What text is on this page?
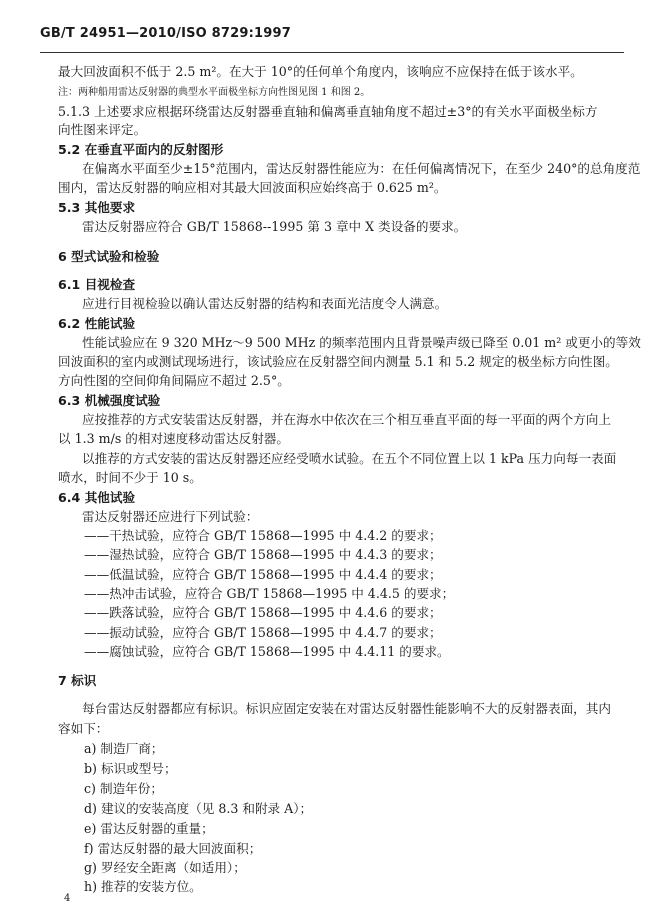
GB/T 24951—2010/ISO 8729:1997
最大回波面积不低于 2.5 m²。在大于 10°的任何单个角度内，该响应不应保持在低于该水平。
注：两种船用雷达反射器的典型水平面极坐标方向性图见图 1 和图 2。
5.1.3 上述要求应根据环绕雷达反射器垂直轴和偏离垂直轴角度不超过±3°的有关水平面极坐标方
向性图来评定。
5.2 在垂直平面内的反射图形
在偏离水平面至少±15°范围内，雷达反射器性能应为：在任何偏离情况下，在至少 240°的总角度范
围内，雷达反射器的响应相对其最大回波面积应始终高于 0.625 m²。
5.3 其他要求
雷达反射器应符合 GB/T 15868--1995 第 3 章中 X 类设备的要求。
6 型式试验和检验
6.1 目视检查
应进行目视检验以确认雷达反射器的结构和表面光洁度令人满意。
6.2 性能试验
性能试验应在 9 320 MHz～9 500 MHz 的频率范围内且背景噪声级已降至 0.01 m² 或更小的等效
回波面积的室内或测试现场进行，该试验应在反射器空间内测量 5.1 和 5.2 规定的极坐标方向性图。
方向性图的空间仰角间隔应不超过 2.5°。
6.3 机械强度试验
应按推荐的方式安装雷达反射器，并在海水中依次在三个相互垂直平面的每一平面的两个方向上
以 1.3 m/s 的相对速度移动雷达反射器。
以推荐的方式安装的雷达反射器还应经受喷水试验。在五个不同位置上以 1 kPa 压力向每一表面
喷水，时间不少于 10 s。
6.4 其他试验
雷达反射器还应进行下列试验：
——干热试验，应符合 GB/T 15868—1995 中 4.4.2 的要求；
——湿热试验，应符合 GB/T 15868—1995 中 4.4.3 的要求；
——低温试验，应符合 GB/T 15868—1995 中 4.4.4 的要求；
——热冲击试验，应符合 GB/T 15868—1995 中 4.4.5 的要求；
——跌落试验，应符合 GB/T 15868—1995 中 4.4.6 的要求；
——振动试验，应符合 GB/T 15868—1995 中 4.4.7 的要求；
——腐蚀试验，应符合 GB/T 15868—1995 中 4.4.11 的要求。
7 标识
每台雷达反射器都应有标识。标识应固定安装在对雷达反射器性能影响不大的反射器表面，其内
容如下：
a) 制造厂商；
b) 标识或型号；
c) 制造年份；
d) 建议的安装高度（见 8.3 和附录 A）；
e) 雷达反射器的重量；
f) 雷达反射器的最大回波面积；
g) 罗经安全距离（如适用）；
h) 推荐的安装方位。
4
